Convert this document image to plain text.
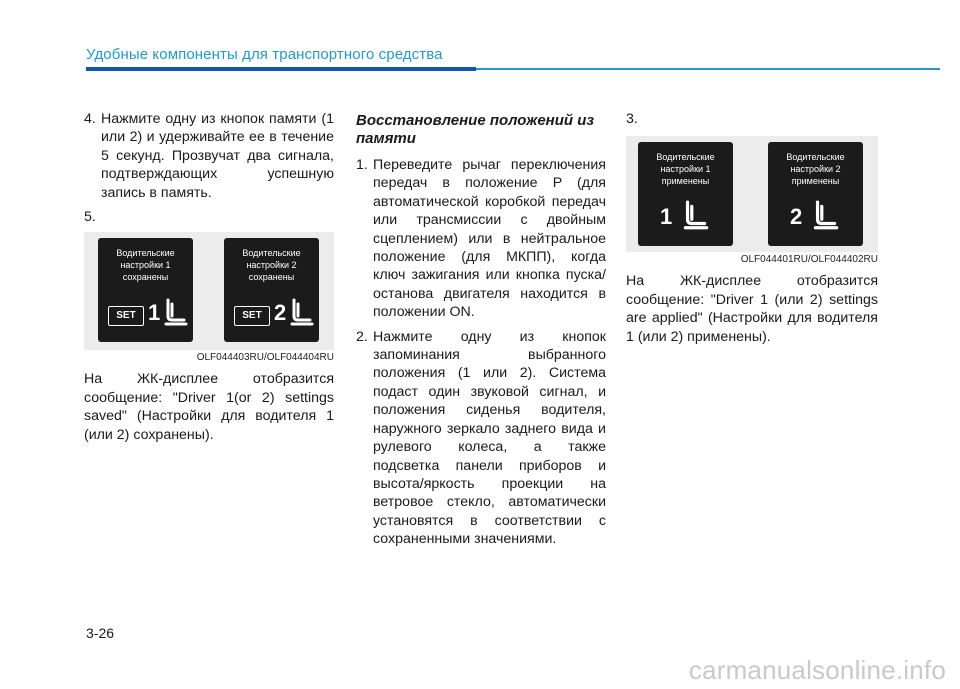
Удобные компоненты для транспортного средства
4. Нажмите одну из кнопок памяти (1 или 2) и удерживайте ее в течение 5 секунд. Прозвучат два сигнала, подтверждающих успешную запись в память.
5.
Водительские настройки 1 сохранены
SET 1
Водительские настройки 2 сохранены
SET 2
OLF044403RU/OLF044404RU
На ЖК-дисплее отобразится сообщение: "Driver 1(or 2) settings saved" (Настройки для водителя 1 (или 2) сохранены).
Восстановление положений из памяти
1. Переведите рычаг переключения передач в положение P (для автоматической коробкой передач или трансмиссии с двойным сцеплением) или в нейтральное положение (для МКПП), когда ключ зажигания или кнопка пуска/останова двигателя находится в положении ON.
2. Нажмите одну из кнопок запоминания выбранного положения (1 или 2). Система подаст один звуковой сигнал, и положения сиденья водителя, наружного зеркало заднего вида и рулевого колеса, а также подсветка панели приборов и высота/яркость проекции на ветровое стекло, автоматически установятся в соответствии с сохраненными значениями.
3.
Водительские настройки 1 применены
1
Водительские настройки 2 применены
2
OLF044401RU/OLF044402RU
На ЖК-дисплее отобразится сообщение: "Driver 1 (или 2) settings are applied" (Настройки для водителя 1 (или 2) применены).
3-26
carmanualsonline.info
